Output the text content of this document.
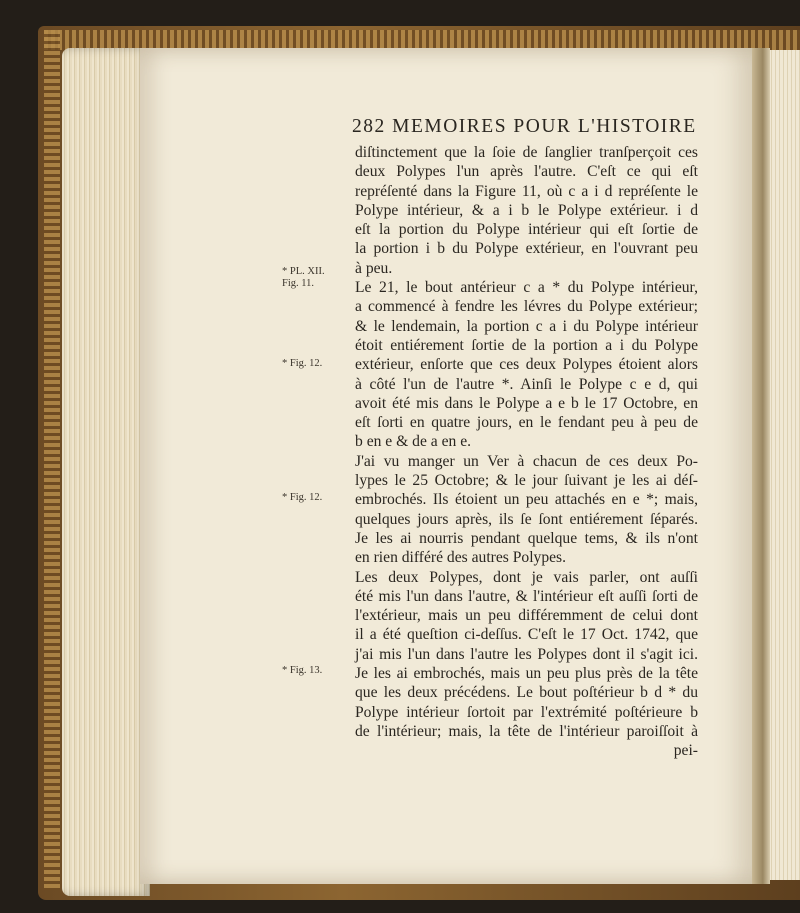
282 MEMOIRES POUR L'HISTOIRE
* PL. XII.
Fig. 11.
* Fig. 12.
* Fig. 12.
* Fig. 13.
diſtinctement que la ſoie de ſanglier tranſperçoit ces
deux Polypes l'un après l'autre. C'eſt ce qui eſt
repréſenté dans la Figure 11, où c a i d repréſente le
Polype intérieur, & a i b le Polype extérieur. i d
eſt la portion du Polype intérieur qui eſt ſortie de
la portion i b du Polype extérieur, en l'ouvrant peu
à peu.
Le 21, le bout antérieur c a * du Polype intérieur,
a commencé à fendre les lévres du Polype extérieur;
& le lendemain, la portion c a i du Polype intérieur
étoit entiérement ſortie de la portion a i du Polype
extérieur, enſorte que ces deux Polypes étoient alors
à côté l'un de l'autre *. Ainſi le Polype c e d, qui
avoit été mis dans le Polype a e b le 17 Octobre, en
eſt ſorti en quatre jours, en le fendant peu à peu de
b en e & de a en e.
J'ai vu manger un Ver à chacun de ces deux Po-
lypes le 25 Octobre; & le jour ſuivant je les ai déſ-
embrochés. Ils étoient un peu attachés en e *; mais,
quelques jours après, ils ſe ſont entiérement ſéparés.
Je les ai nourris pendant quelque tems, & ils n'ont
en rien différé des autres Polypes.
Les deux Polypes, dont je vais parler, ont auſſi
été mis l'un dans l'autre, & l'intérieur eſt auſſi ſorti de
l'extérieur, mais un peu différemment de celui dont
il a été queſtion ci-deſſus. C'eſt le 17 Oct. 1742, que
j'ai mis l'un dans l'autre les Polypes dont il s'agit ici.
Je les ai embrochés, mais un peu plus près de la tête
que les deux précédens. Le bout poſtérieur b d * du
Polype intérieur ſortoit par l'extrémité poſtérieure b
de l'intérieur; mais, la tête de l'intérieur paroiſſoit à
pei-
